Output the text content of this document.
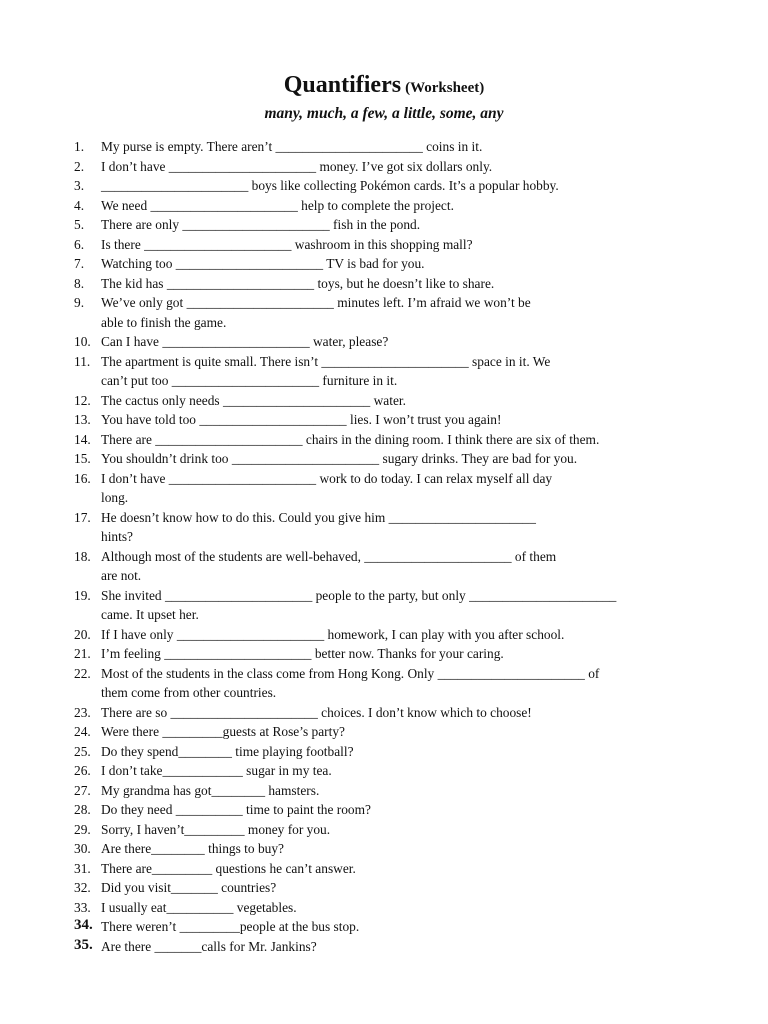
Quantifiers (Worksheet)
many, much, a few, a little, some, any
1. My purse is empty. There aren’t ______________________ coins in it.
2. I don’t have ______________________ money. I’ve got six dollars only.
3. ______________________ boys like collecting Pokémon cards. It’s a popular hobby.
4. We need ______________________ help to complete the project.
5. There are only ______________________ fish in the pond.
6. Is there ______________________ washroom in this shopping mall?
7. Watching too ______________________ TV is bad for you.
8. The kid has ______________________ toys, but he doesn’t like to share.
9. We’ve only got ______________________ minutes left. I’m afraid we won’t be
able to finish the game.
10. Can I have ______________________ water, please?
11. The apartment is quite small. There isn’t ______________________ space in it. We
can’t put too ______________________ furniture in it.
12. The cactus only needs ______________________ water.
13. You have told too ______________________ lies. I won’t trust you again!
14. There are ______________________ chairs in the dining room. I think there are six of them.
15. You shouldn’t drink too ______________________ sugary drinks. They are bad for you.
16. I don’t have ______________________ work to do today. I can relax myself all day
long.
17. He doesn’t know how to do this. Could you give him ______________________
hints?
18. Although most of the students are well-behaved, ______________________ of them
are not.
19. She invited ______________________ people to the party, but only ______________________
came. It upset her.
20. If I have only ______________________ homework, I can play with you after school.
21. I’m feeling ______________________ better now. Thanks for your caring.
22. Most of the students in the class come from Hong Kong. Only ______________________ of
them come from other countries.
23. There are so ______________________ choices. I don’t know which to choose!
24. Were there _________guests at Rose’s party?
25. Do they spend________ time playing football?
26. I don’t take____________ sugar in my tea.
27. My grandma has got________ hamsters.
28. Do they need __________ time to paint the room?
29. Sorry, I haven’t_________ money for you.
30. Are there________ things to buy?
31. There are_________ questions he can’t answer.
32. Did you visit_______ countries?
33. I usually eat__________ vegetables.
34. There weren’t _________people at the bus stop.
35. Are there _______calls for Mr. Jankins?
